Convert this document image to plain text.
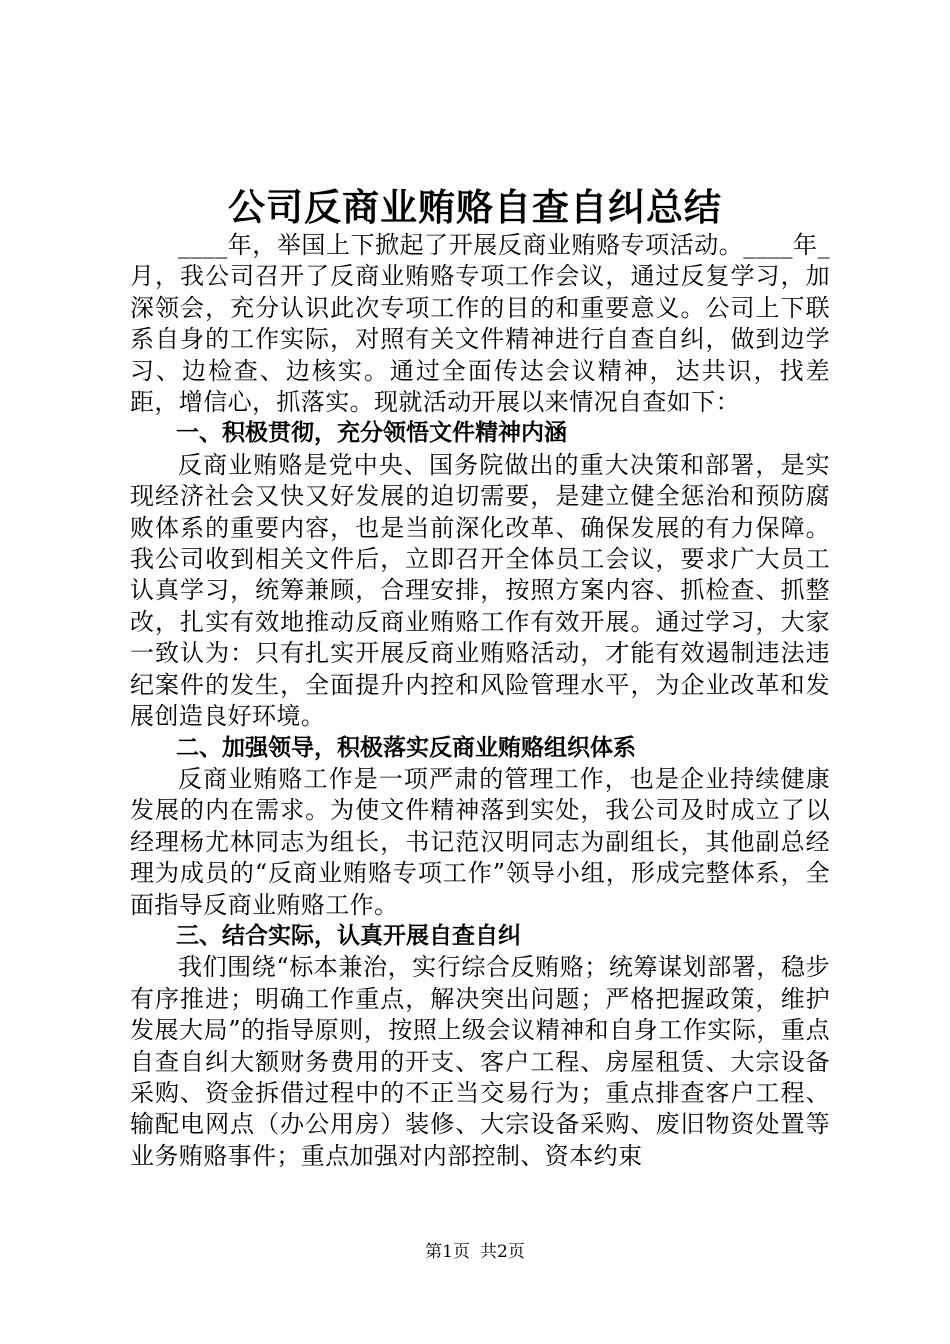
公司反商业贿赂自查自纠总结

____年，举国上下掀起了开展反商业贿赂专项活动。____年_月，我公司召开了反商业贿赂专项工作会议，通过反复学习，加深领会，充分认识此次专项工作的目的和重要意义。公司上下联系自身的工作实际，对照有关文件精神进行自查自纠，做到边学习、边检查、边核实。通过全面传达会议精神，达共识，找差距，增信心，抓落实。现就活动开展以来情况自查如下：

一、积极贯彻，充分领悟文件精神内涵

反商业贿赂是党中央、国务院做出的重大决策和部署，是实现经济社会又快又好发展的迫切需要，是建立健全惩治和预防腐败体系的重要内容，也是当前深化改革、确保发展的有力保障。我公司收到相关文件后，立即召开全体员工会议，要求广大员工认真学习，统筹兼顾，合理安排，按照方案内容、抓检查、抓整改，扎实有效地推动反商业贿赂工作有效开展。通过学习，大家一致认为：只有扎实开展反商业贿赂活动，才能有效遏制违法违纪案件的发生，全面提升内控和风险管理水平，为企业改革和发展创造良好环境。

二、加强领导，积极落实反商业贿赂组织体系

反商业贿赂工作是一项严肃的管理工作，也是企业持续健康发展的内在需求。为使文件精神落到实处，我公司及时成立了以经理杨尤林同志为组长，书记范汉明同志为副组长，其他副总经理为成员的“反商业贿赂专项工作”领导小组，形成完整体系，全面指导反商业贿赂工作。

三、结合实际，认真开展自查自纠

我们围绕“标本兼治，实行综合反贿赂；统筹谋划部署，稳步有序推进；明确工作重点，解决突出问题；严格把握政策，维护发展大局”的指导原则，按照上级会议精神和自身工作实际，重点自查自纠大额财务费用的开支、客户工程、房屋租赁、大宗设备采购、资金拆借过程中的不正当交易行为；重点排查客户工程、输配电网点（办公用房）装修、大宗设备采购、废旧物资处置等业务贿赂事件；重点加强对内部控制、资本约束

第1页 共2页
